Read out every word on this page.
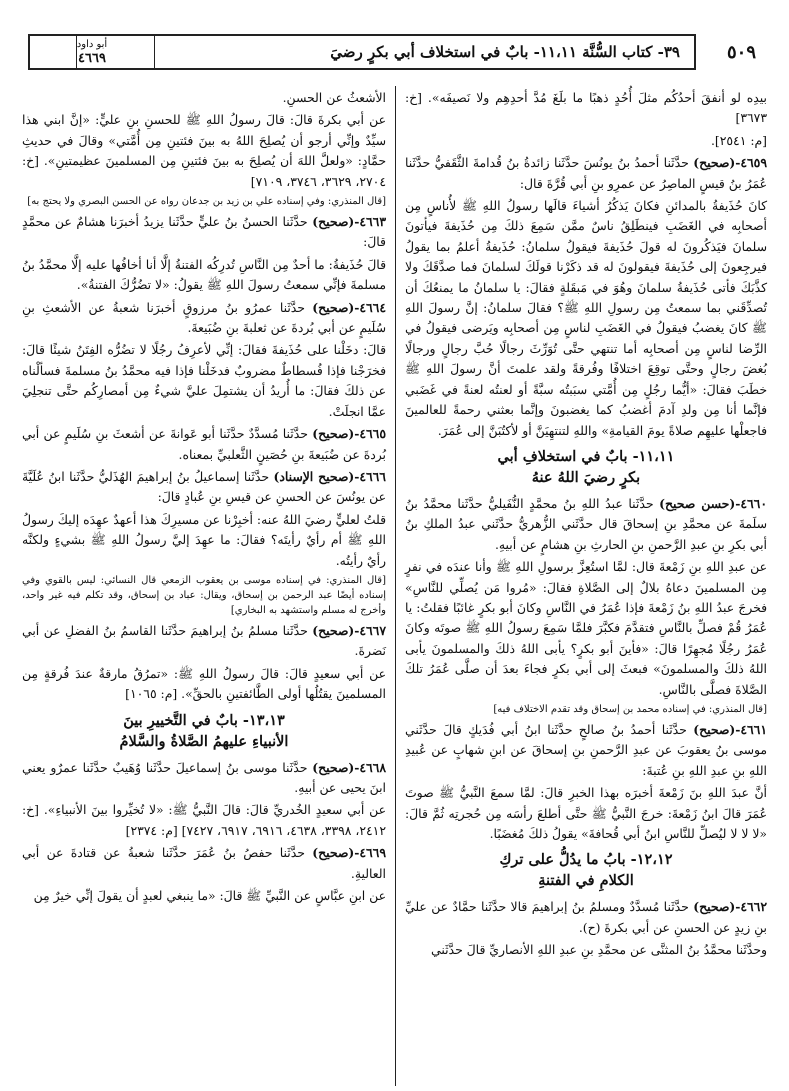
٥٠٩
٣٩- كتاب السُّنَّة ١١،١١- بابٌ في استخلاف أبي بكرٍ رضيَ
أبو داود
٤٦٦٩

بيدِه لو أنفقَ أحدُكُم مثلَ أُحُدٍ ذهبًا ما بلَغَ مُدَّ أحدِهِم ولا نَصيفَه». [خ: ٣٦٧٣]

[م: ٢٥٤١].

٤٦٥٩-(صحيح) حدَّثَنا أحمدُ بنُ يونُسَ حدَّثَنا زائدةُ بنُ قُدامةَ الثَّقَفيُّ حدَّثَنا عُمَرُ بنُ قيسٍ الماصِرُ عن عمرِو بنِ أبي قُرَّةَ قال:

كانَ حُذَيفةُ بالمدائنِ فكانَ يَذكُرُ أشياءَ قالَها رسولُ اللهِ ﷺ لأُناسٍ مِن أصحابِه في الغَضَبِ فينطَلِقُ ناسٌ ممَّن سَمِعَ ذلكَ مِن حُذَيفةَ فيأتونَ سلمانَ فيَذكُرونَ له قولَ حُذَيفةَ فيقولُ سلمانُ: حُذَيفةُ أعلمُ بما يقولُ فيرجِعونَ إلى حُذَيفةَ فيقولونَ له قد ذكَرْنا قولَكَ لسلمانَ فما صدَّقَكَ ولا كذَّبَكَ فأتى حُذَيفةُ سلمانَ وهُوَ في مَبقَلةٍ فقالَ: يا سلمانُ ما يمنعُكَ أن تُصدِّقَني بما سمعتُ مِن رسولِ اللهِ ﷺ؟ فقالَ سلمانُ: إنَّ رسولَ اللهِ ﷺ كانَ يغضبُ فيقولُ في الغَضَبِ لناسٍ مِن أصحابِه ويَرضى فيقولُ في الرِّضا لناسٍ مِن أصحابِه أما تنتهي حتَّى تُوَرِّثَ رجالًا حُبَّ رجالٍ ورجالًا بُغضَ رجالٍ وحتَّى توقِعَ اختلافًا وفُرقةً ولقد علمتَ أنَّ رسولَ اللهِ ﷺ خطَبَ فقالَ: «أيُّما رجُلٍ مِن أُمَّتي سبَبتُه سبَّةً أو لعنتُه لعنةً في غَضَبي فإنَّما أنا مِن ولدِ آدمَ أغضبُ كما يغضبونَ وإنَّما بعثني رحمةً للعالمينَ فاجعلْها عليهِم صلاةً يومَ القيامةِ» واللهِ لتنتهِيَنَّ أو لأكتُبَنَّ إلى عُمَرَ.

١١،١١- بابٌ في استخلافِ أبي
بكرٍ رضيَ اللهُ عنهُ

٤٦٦٠-(حسن صحيح) حدَّثَنا عبدُ اللهِ بنُ محمَّدٍ النُّفَيليُّ حدَّثَنا محمَّدُ بنُ سلَمةَ عن محمَّدِ بنِ إسحاقَ قال حدَّثَني الزُّهريُّ حدَّثَني عبدُ الملكِ بنُ أبي بكرِ بنِ عبدِ الرَّحمنِ بنِ الحارثِ بنِ هشامٍ عن أبيهِ.

عن عبدِ اللهِ بنِ زَمْعةَ قال: لمَّا استُعِزَّ برسولِ اللهِ ﷺ وأنا عندَه في نفرٍ مِن المسلمينَ دعاهُ بلالٌ إلى الصَّلاةِ فقالَ: «مُروا مَن يُصلِّي للنَّاسِ» فخرجَ عبدُ اللهِ بنُ زَمْعةَ فإذا عُمَرُ في النَّاسِ وكانَ أبو بكرٍ غائبًا فقلتُ: يا عُمَرُ قُمْ فصلِّ بالنَّاسِ فتقدَّمَ فكبَّرَ فلمَّا سَمِعَ رسولُ اللهِ ﷺ صوتَه وكانَ عُمَرُ رجُلًا مُجهِرًا قالَ: «فأينَ أبو بكرٍ؟ يأبى اللهُ ذلكَ والمسلمونَ يأبى اللهُ ذلكَ والمسلمونَ» فبعثَ إلى أبي بكرٍ فجاءَ بعدَ أن صلَّى عُمَرُ تلكَ الصَّلاةَ فصلَّى بالنَّاسِ.

[قال المنذري: في إسناده محمد بن إسحاق وقد تقدم الاختلاف فيه]

٤٦٦١-(صحيح) حدَّثَنا أحمدُ بنُ صالحٍ حدَّثَنا ابنُ أبي فُدَيكٍ قالَ حدَّثَني موسى بنُ يعقوبَ عن عبدِ الرَّحمنِ بنِ إسحاقَ عن ابنِ شهابٍ عن عُبيدِ اللهِ بنِ عبدِ اللهِ بنِ عُتبةَ:

أنَّ عبدَ اللهِ بنَ زَمْعةَ أخبرَه بهذا الخبرِ قالَ: لمَّا سمعَ النَّبيُّ ﷺ صوتَ عُمَرَ قالَ ابنُ زَمْعةَ: خرجَ النَّبيُّ ﷺ حتَّى أطلعَ رأسَه مِن حُجرتِه ثُمَّ قالَ: «لا لا لا ليُصلِّ للنَّاسِ ابنُ أبي قُحافةَ» يقولُ ذلكَ مُغضَبًا.

١٢،١٢- بابُ ما يدُلُّ على تركِ
الكلامِ في الفتنةِ

٤٦٦٢-(صحيح) حدَّثَنا مُسدَّدٌ ومسلمُ بنُ إبراهيمَ قالا حدَّثَنا حمَّادٌ عن عليِّ بنِ زيدٍ عن الحسنِ عن أبي بكرةَ (ح).

وحدَّثَنا محمَّدُ بنُ المثنَّى عن محمَّدِ بنِ عبدِ اللهِ الأنصاريِّ قالَ حدَّثَني

الأشعثُ عن الحسنِ.

عن أبي بكرةَ قالَ: قالَ رسولُ اللهِ ﷺ للحسنِ بنِ عليٍّ: «إنَّ ابني هذا سيِّدٌ وإنِّي أرجو أن يُصلِحَ اللهُ به بينَ فئتينِ مِن أُمَّتي» وقالَ في حديثِ حمَّادٍ: «ولعلَّ اللهَ أن يُصلِحَ به بينَ فئتينِ مِن المسلمينَ عظيمتينِ». [خ: ٢٧٠٤، ٣٦٢٩، ٣٧٤٦، ٧١٠٩]

[قال المنذري: وفي إسناده علي بن زيد بن جدعان رواه عن الحسن البصري ولا يحتج به]

٤٦٦٣-(صحيح) حدَّثَنا الحسنُ بنُ عليٍّ حدَّثَنا يزيدُ أخبرَنا هشامٌ عن محمَّدٍ قالَ:

قالَ حُذَيفةُ: ما أحدٌ مِن النَّاسِ تُدرِكُه الفتنةُ إلَّا أنا أخافُها عليه إلَّا محمَّدُ بنُ مسلمةَ فإنِّي سمعتُ رسولَ اللهِ ﷺ يقولُ: «لا تضُرُّكَ الفتنةُ».

٤٦٦٤-(صحيح) حدَّثَنا عمرُو بنُ مرزوقٍ أخبرَنا شعبةُ عن الأشعثِ بنِ سُلَيمٍ عن أبي بُردةَ عن ثعلبةَ بنِ ضُبَيعةَ.

قالَ: دخَلْنا على حُذَيفةَ فقالَ: إنِّي لأعرِفُ رجُلًا لا تضُرُّه الفِتَنُ شيئًا قالَ: فخرَجْنا فإذا فُسطاطٌ مضروبٌ فدخَلْنا فإذا فيه محمَّدُ بنُ مسلمةَ فسألْناه عن ذلكَ فقالَ: ما أُريدُ أن يشتمِلَ عليَّ شيءٌ مِن أمصارِكُم حتَّى تنجلِيَ عمَّا انجلَتْ.

٤٦٦٥-(صحيح) حدَّثَنا مُسدَّدٌ حدَّثَنا أبو عَوانةَ عن أشعثَ بنِ سُلَيمٍ عن أبي بُردةَ عن ضُبَيعةَ بنِ حُصَينٍ الثَّعلبيِّ بمعناه.

٤٦٦٦-(صحيح الإسناد) حدَّثَنا إسماعيلُ بنُ إبراهيمَ الهُذَليُّ حدَّثَنا ابنُ عُلَيَّةَ عن يونُسَ عن الحسنِ عن قيسِ بنِ عُبادٍ قالَ:

قلتُ لعليٍّ رضيَ اللهُ عنه: أخبِرْنا عن مسيرِكَ هذا أعهدٌ عهِدَه إليكَ رسولُ اللهِ ﷺ أم رأيٌ رأيتَه؟ فقالَ: ما عهِدَ إليَّ رسولُ اللهِ ﷺ بشيءٍ ولكنَّه رأيٌ رأيتُه.

[قال المنذري: في إسناده موسى بن يعقوب الزمعي قال النسائي: ليس بالقوي وفي إسناده أيضًا عبد الرحمن بن إسحاق، ويقال: عباد بن إسحاق، وقد تكلم فيه غير واحد، وأخرج له مسلم واستشهد به البخاري]

٤٦٦٧-(صحيح) حدَّثَنا مسلمُ بنُ إبراهيمَ حدَّثَنا القاسمُ بنُ الفضلِ عن أبي نَضرةَ.

عن أبي سعيدٍ قالَ: قالَ رسولُ اللهِ ﷺ: «تمرُقُ مارقةٌ عندَ فُرقةٍ مِن المسلمينَ يقتُلُها أولى الطَّائفتينِ بالحقِّ». [م: ١٠٦٥]

١٣،١٣- بابٌ في التَّخييرِ بينَ
الأنبياءِ عليهمُ الصَّلاةُ والسَّلامُ

٤٦٦٨-(صحيح) حدَّثَنا موسى بنُ إسماعيلَ حدَّثَنا وُهَيبٌ حدَّثَنا عمرٌو يعني ابنَ يحيى عن أبيهِ.

عن أبي سعيدٍ الخُدريِّ قالَ: قالَ النَّبيُّ ﷺ: «لا تُخيِّروا بينَ الأنبياءِ». [خ: ٢٤١٢، ٣٣٩٨، ٤٦٣٨، ٦٩١٦، ٦٩١٧، ٧٤٢٧] [م: ٢٣٧٤]

٤٦٦٩-(صحيح) حدَّثَنا حفصُ بنُ عُمَرَ حدَّثَنا شعبةُ عن قتادةَ عن أبي العاليةِ.

عن ابنِ عبَّاسٍ عن النَّبيِّ ﷺ قالَ: «ما ينبغي لعبدٍ أن يقولَ إنِّي خيرٌ مِن
